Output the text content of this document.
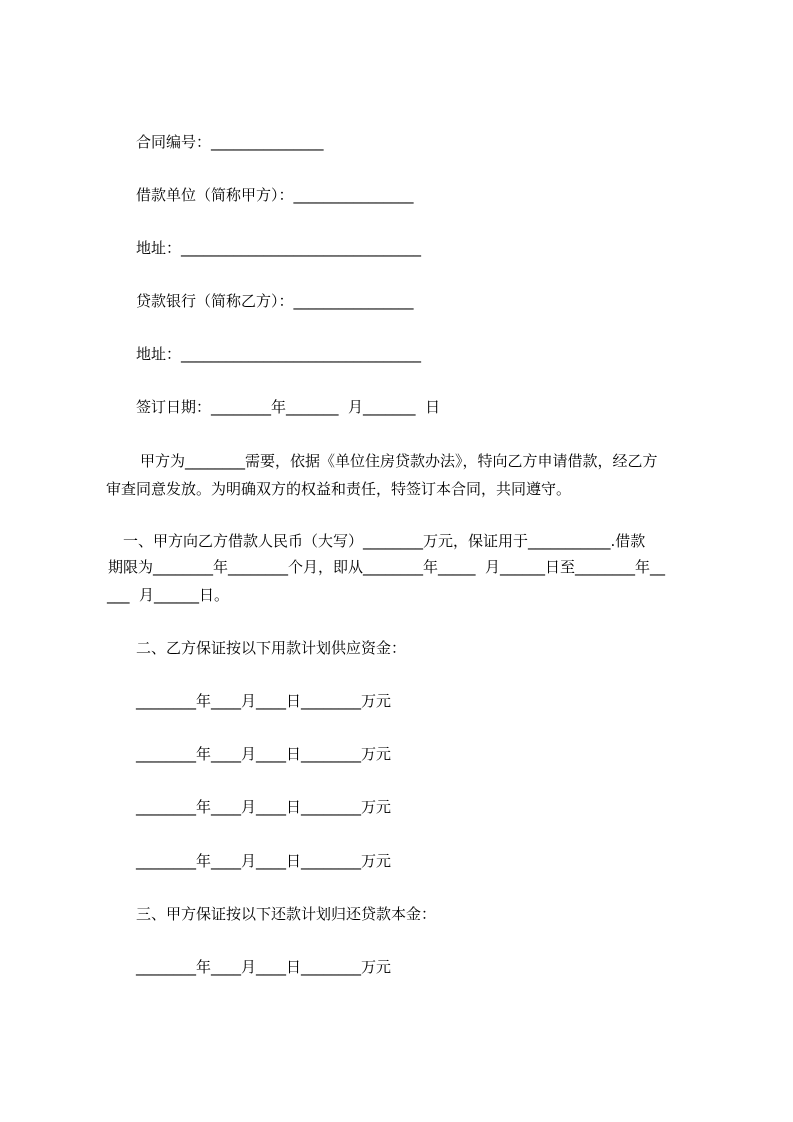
合同编号：_______________
借款单位（简称甲方）：________________
地址：________________________________
贷款银行（简称乙方）：________________
地址：________________________________
签订日期：________年_______  月_______  日
甲方为________需要，依据《单位住房贷款办法》，特向乙方申请借款，经乙方
审查同意发放。为明确双方的权益和责任，特签订本合同，共同遵守。
一、甲方向乙方借款人民币（大写）________万元，保证用于___________.借款
期限为________年________个月，即从________年_____  月______日至________年__
___  月______日。
二、乙方保证按以下用款计划供应资金：
________年____月____日________万元
________年____月____日________万元
________年____月____日________万元
________年____月____日________万元
三、甲方保证按以下还款计划归还贷款本金：
________年____月____日________万元
